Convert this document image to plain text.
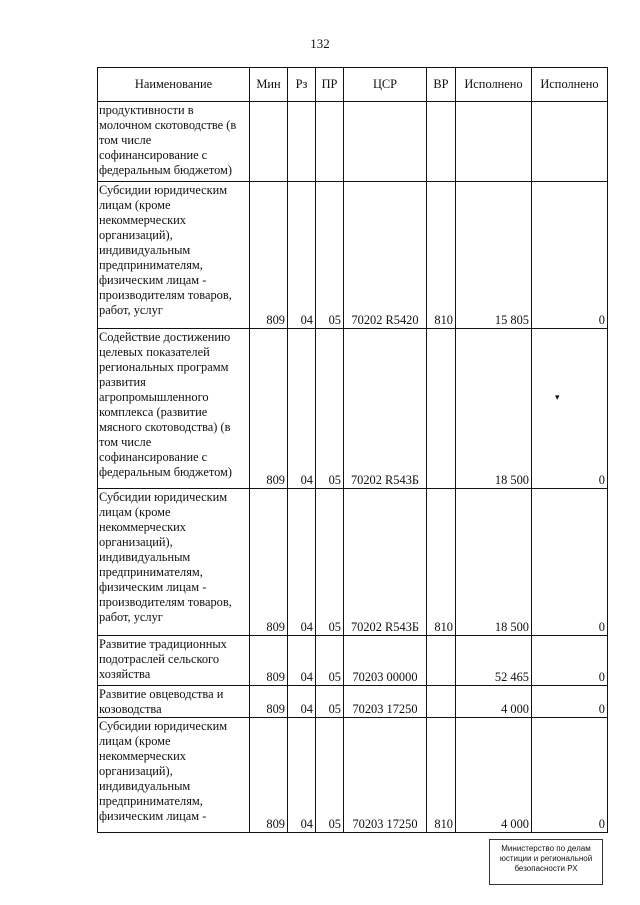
132
Наименование	Мин	Рз	ПР	ЦСР	ВР	Исполнено	Исполнено
продуктивности в молочном скотоводстве (в том числе софинансирование с федеральным бюджетом)							
Субсидии юридическим лицам (кроме некоммерческих организаций), индивидуальным предпринимателям, физическим лицам - производителям товаров, работ, услуг	809	04	05	70202 R5420	810	15 805	0
Содействие достижению целевых показателей региональных программ развития агропромышленного комплекса (развитие мясного скотоводства) (в том числе софинансирование с федеральным бюджетом)	809	04	05	70202 R543Б		18 500	0
Субсидии юридическим лицам (кроме некоммерческих организаций), индивидуальным предпринимателям, физическим лицам - производителям товаров, работ, услуг	809	04	05	70202 R543Б	810	18 500	0
Развитие традиционных подотраслей сельского хозяйства	809	04	05	70203 00000		52 465	0
Развитие овцеводства и козоводства	809	04	05	70203 17250		4 000	0
Субсидии юридическим лицам (кроме некоммерческих организаций), индивидуальным предпринимателям, физическим лицам -	809	04	05	70203 17250	810	4 000	0
▾
Министерство по делам
юстиции и региональной
безопасности РХ
